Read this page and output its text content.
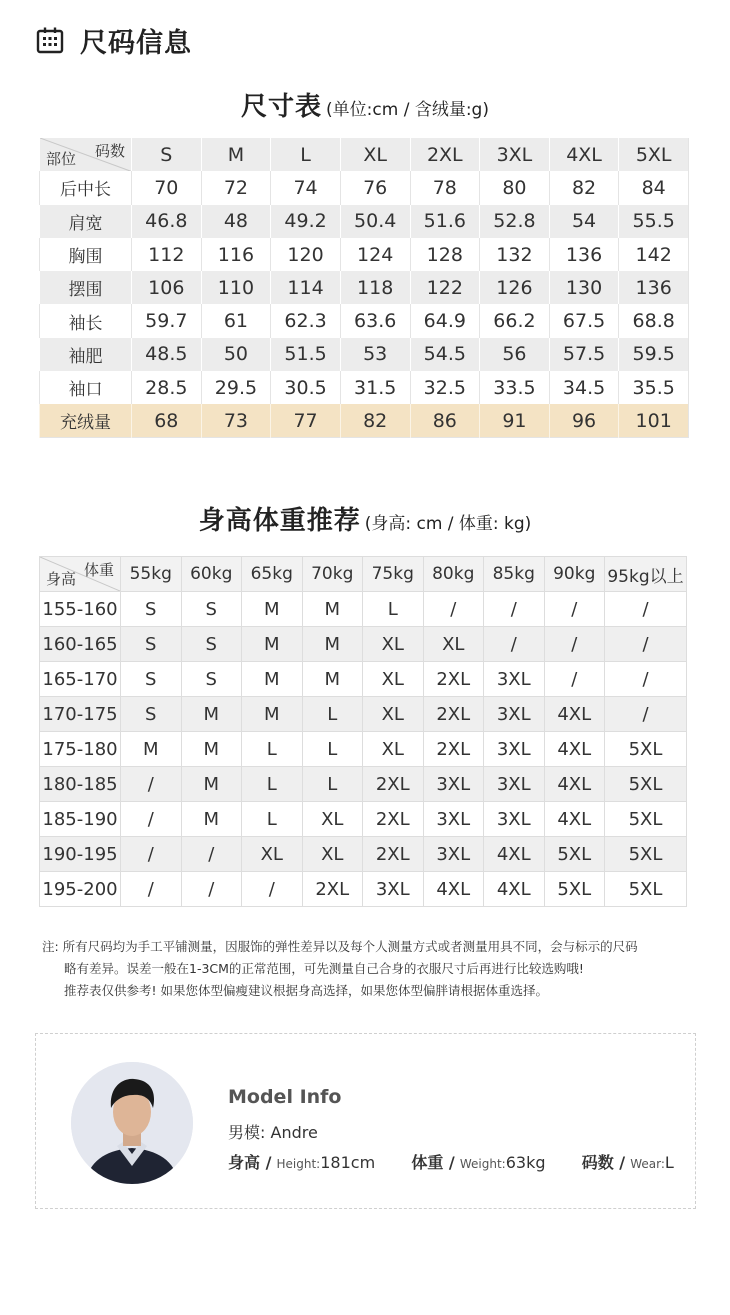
尺码信息
尺寸表 (单位:cm / 含绒量:g)
码数
部位	S	M	L	XL	2XL	3XL	4XL	5XL
后中长	70	72	74	76	78	80	82	84
肩宽	46.8	48	49.2	50.4	51.6	52.8	54	55.5
胸围	112	116	120	124	128	132	136	142
摆围	106	110	114	118	122	126	130	136
袖长	59.7	61	62.3	63.6	64.9	66.2	67.5	68.8
袖肥	48.5	50	51.5	53	54.5	56	57.5	59.5
袖口	28.5	29.5	30.5	31.5	32.5	33.5	34.5	35.5
充绒量	68	73	77	82	86	91	96	101
身高体重推荐 (身高: cm / 体重: kg)
体重
身高	55kg	60kg	65kg	70kg	75kg	80kg	85kg	90kg	95kg以上
155-160	S	S	M	M	L	/	/	/	/
160-165	S	S	M	M	XL	XL	/	/	/
165-170	S	S	M	M	XL	2XL	3XL	/	/
170-175	S	M	M	L	XL	2XL	3XL	4XL	/
175-180	M	M	L	L	XL	2XL	3XL	4XL	5XL
180-185	/	M	L	L	2XL	3XL	3XL	4XL	5XL
185-190	/	M	L	XL	2XL	3XL	3XL	4XL	5XL
190-195	/	/	XL	XL	2XL	3XL	4XL	5XL	5XL
195-200	/	/	/	2XL	3XL	4XL	4XL	5XL	5XL
注: 所有尺码均为手工平铺测量，因服饰的弹性差异以及每个人测量方式或者测量用具不同，会与标示的尺码
略有差异。误差一般在1-3CM的正常范围，可先测量自己合身的衣服尺寸后再进行比较选购哦!
推荐表仅供参考! 如果您体型偏瘦建议根据身高选择，如果您体型偏胖请根据体重选择。
Model Info
男模: Andre
身高 / Height:181cm 体重 / Weight:63kg 码数 / Wear:L
